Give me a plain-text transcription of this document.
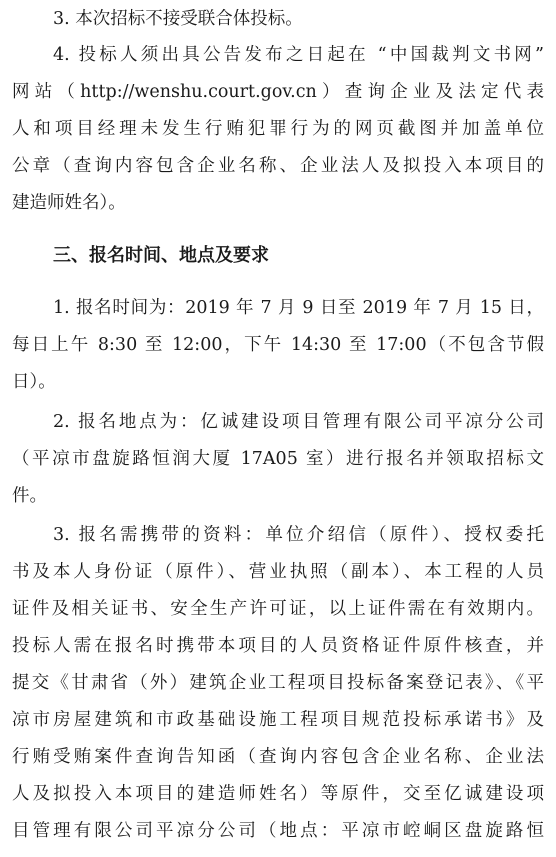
3. 本次招标不接受联合体投标。
4. 投标人须出具公告发布之日起在 “中国裁判文书网”
网站（http://wenshu.court.gov.cn）查询企业及法定代表
人和项目经理未发生行贿犯罪行为的网页截图并加盖单位
公章（查询内容包含企业名称、企业法人及拟投入本项目的
建造师姓名）。
三、报名时间、地点及要求
1. 报名时间为：2019 年 7 月 9 日至 2019 年 7 月 15 日，
每日上午 8:30 至 12:00，下午 14:30 至 17:00（不包含节假
日）。
2. 报名地点为：亿诚建设项目管理有限公司平凉分公司
（平凉市盘旋路恒润大厦 17A05 室）进行报名并领取招标文
件。
3. 报名需携带的资料：单位介绍信（原件）、授权委托
书及本人身份证（原件）、营业执照（副本）、本工程的人员
证件及相关证书、安全生产许可证，以上证件需在有效期内。
投标人需在报名时携带本项目的人员资格证件原件核查，并
提交《甘肃省（外）建筑企业工程项目投标备案登记表》、《平
凉市房屋建筑和市政基础设施工程项目规范投标承诺书》及
行贿受贿案件查询告知函（查询内容包含企业名称、企业法
人及拟投入本项目的建造师姓名）等原件，交至亿诚建设项
目管理有限公司平凉分公司（地点：平凉市崆峒区盘旋路恒
